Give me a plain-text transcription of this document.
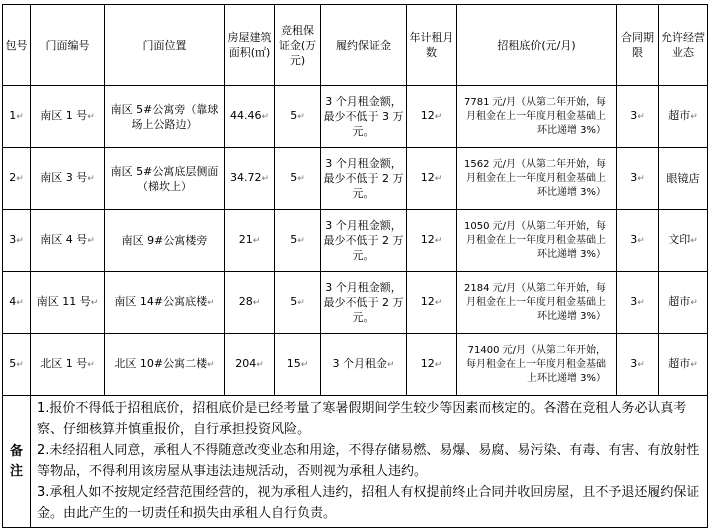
包号	门面编号	门面位置	房屋建筑面积(㎡)	竞租保证金(万元)	履约保证金	年计租月数	招租底价(元/月)	合同期限	允许经营业态
1↵	南区 1 号↵	南区 5#公寓旁（靠球场上公路边）	44.46↵	5↵	3 个月租金额，最少不低于 3 万元。	12↵	7781 元/月（从第二年开始，每月租金在上一年度月租金基础上环比递增 3%）	3↵	超市↵
2↵	南区 3 号↵	南区 5#公寓底层侧面（梯坎上）	34.72↵	5↵	3 个月租金额，最少不低于 2 万元。	12↵	1562 元/月（从第二年开始，每月租金在上一年度月租金基础上环比递增 3%）	3↵	眼镜店
3↵	南区 4 号↵	南区 9#公寓楼旁	21↵	5↵	3 个月租金额，最少不低于 2 万元。	12↵	1050 元/月（从第二年开始，每月租金在上一年度月租金基础上环比递增 3%）	3↵	文印↵
4↵	南区 11 号↵	南区 14#公寓底楼↵	28↵	5↵	3 个月租金额，最少不低于 2 万元。	12↵	2184 元/月（从第二年开始，每月租金在上一年度月租金基础上环比递增 3%）	3↵	超市↵
5↵	北区 1 号↵	北区 10#公寓二楼↵	204↵	15↵	3 个月租金↵	12↵	71400 元/月（从第二年开始，每月租金在上一年度月租金基础上环比递增 3%）	3↵	超市↵
备注	1.报价不得低于招租底价，招租底价是已经考量了寒暑假期间学生较少等因素而核定的。各潜在竞租人务必认真考察、仔细核算并慎重报价，自行承担投资风险。

2.未经招租人同意，承租人不得随意改变业态和用途，不得存储易燃、易爆、易腐、易污染、有毒、有害、有放射性等物品，不得利用该房屋从事违法违规活动，否则视为承租人违约。

3.承租人如不按规定经营范围经营的，视为承租人违约，招租人有权提前终止合同并收回房屋，且不予退还履约保证金。由此产生的一切责任和损失由承租人自行负责。								
